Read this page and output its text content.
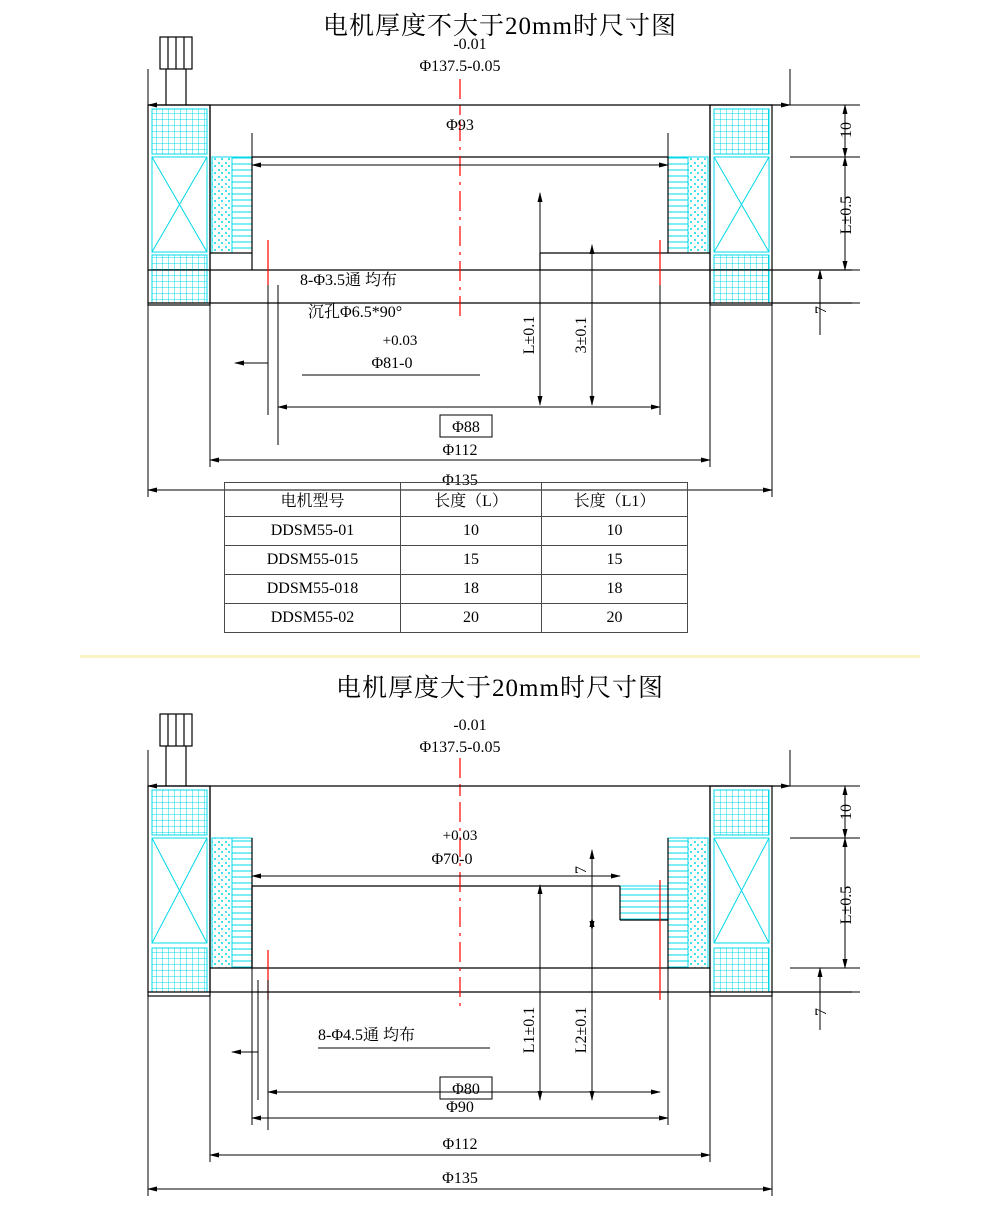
电机厚度不大于20mm时尺寸图
-0.01
Φ137.5-0.05
Φ93
8-Φ3.5通 均布
沉孔Φ6.5*90°
+0.03
Φ81-0
Φ88
Φ112
Φ135
10
L±0.5
7
L±0.1 3±0.1
电机型号	长度（L）	长度（L1）
DDSM55-01	10	10
DDSM55-015	15	15
DDSM55-018	18	18
DDSM55-02	20	20
电机厚度大于20mm时尺寸图
-0.01
Φ137.5-0.05
+0.03
Φ70-0
7
8-Φ4.5通 均布
Φ80
Φ90
Φ112
Φ135
10
L±0.5
7
L1±0.1 L2±0.1
